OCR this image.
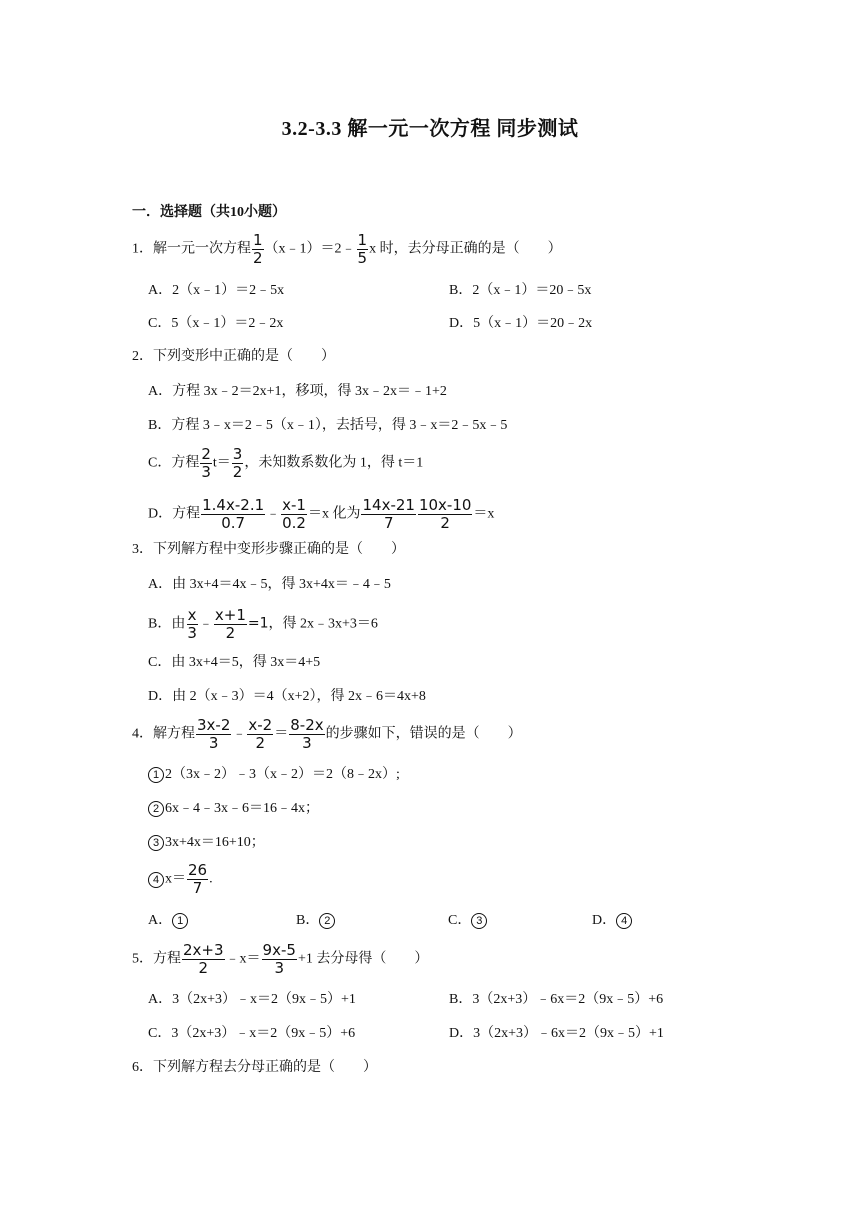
3.2-3.3 解一元一次方程 同步测试
一．选择题（共10小题）
1．解一元一次方程 $\frac{1}{2}$ （x﹣1）＝2﹣ $\frac{1}{5}$ x 时，去分母正确的是（　　）
A．2（x﹣1）＝2﹣5x	B．2（x﹣1）＝20﹣5x
C．5（x﹣1）＝2﹣2x	D．5（x﹣1）＝20﹣2x
2．下列变形中正确的是（　　）
A．方程 3x﹣2＝2x+1，移项，得 3x﹣2x＝﹣1+2
B．方程 3﹣x＝2﹣5（x﹣1），去括号，得 3﹣x＝2﹣5x﹣5
C．方程 $\frac{2}{3} t= \frac{3}{2}$ ，未知数系数化为 1，得 t＝1
D．方程 $\frac{1.4x-2.1}{0.7}$ ﹣ $\frac{x-1}{0.2} =x$ 化为 $\frac{14x-21}{7} \frac{10x-10}{2} =x$
3．下列解方程中变形步骤正确的是（　　）
A．由 3x+4＝4x﹣5，得 3x+4x＝﹣4﹣5
B．由 $\frac{x}{3}$ ﹣ $\frac{x+1}{2} =1$，得 2x﹣3x+3＝6
C．由 3x+4＝5，得 3x＝4+5
D．由 2（x﹣3）＝4（x+2），得 2x﹣6＝4x+8
4．解方程 $\frac{3x-2}{3}$ ﹣ $\frac{x-2}{2} = \frac{8-2x}{3}$ 的步骤如下，错误的是（　　）
1 2（3x﹣2）﹣3（x﹣2）＝2（8﹣2x）;
2 6x﹣4﹣3x﹣6＝16﹣4x；
3 3x+4x＝16+10；
4 $x= \frac{26}{7}$ .
A． 1	B． 2	C． 3	D． 4
5．方程 $\frac{2x+3}{2}$ ﹣x＝ $\frac{9x-5}{3} +1$ 去分母得（　　）
A．3（2x+3）﹣x＝2（9x﹣5）+1	B．3（2x+3）﹣6x＝2（9x﹣5）+6
C．3（2x+3）﹣x＝2（9x﹣5）+6	D．3（2x+3）﹣6x＝2（9x﹣5）+1
6．下列解方程去分母正确的是（　　）
